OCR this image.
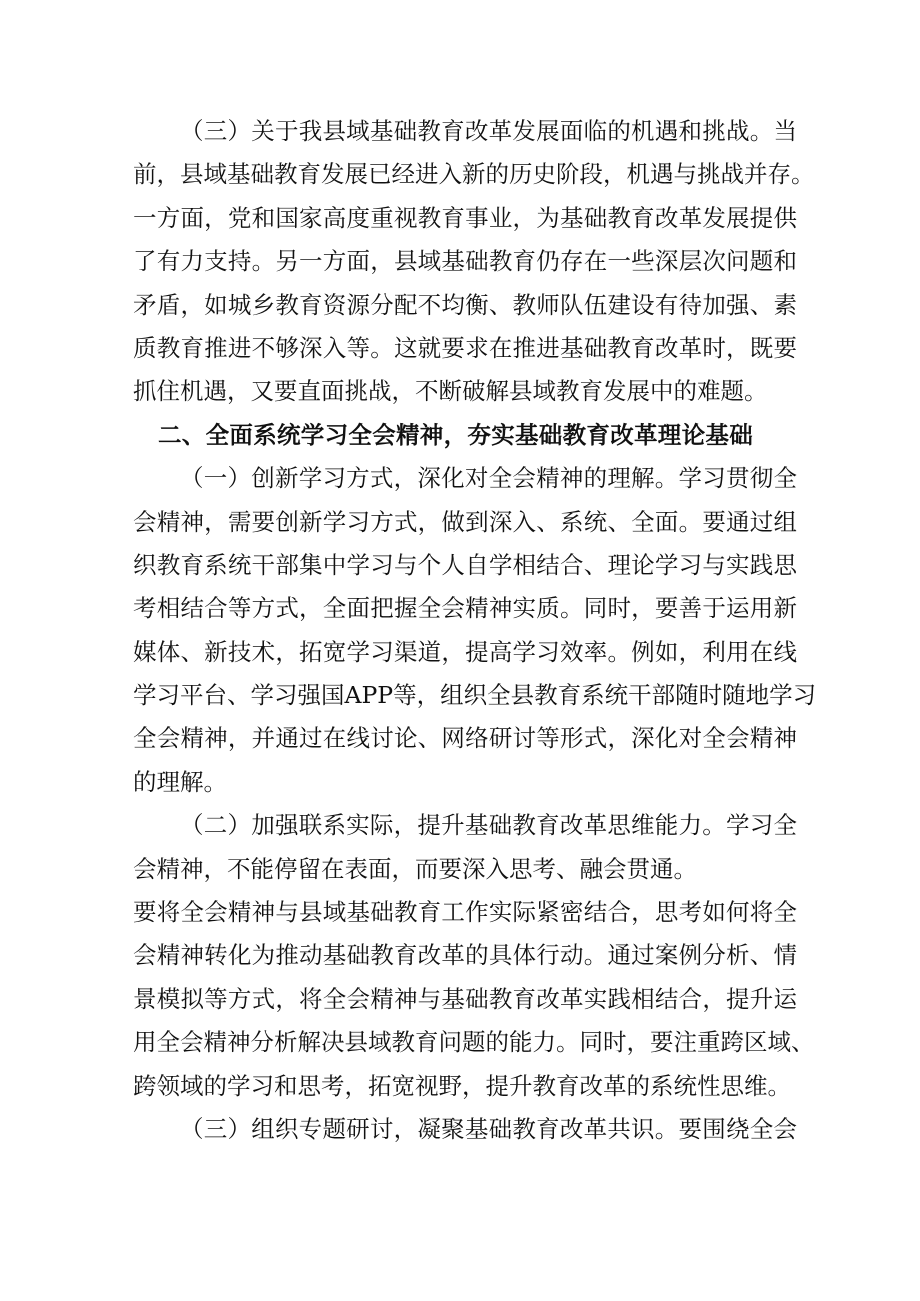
（三）关于我县域基础教育改革发展面临的机遇和挑战。当
前，县域基础教育发展已经进入新的历史阶段，机遇与挑战并存。
一方面，党和国家高度重视教育事业，为基础教育改革发展提供
了有力支持。另一方面，县域基础教育仍存在一些深层次问题和
矛盾，如城乡教育资源分配不均衡、教师队伍建设有待加强、素
质教育推进不够深入等。这就要求在推进基础教育改革时，既要
抓住机遇，又要直面挑战，不断破解县域教育发展中的难题。
二、全面系统学习全会精神，夯实基础教育改革理论基础
（一）创新学习方式，深化对全会精神的理解。学习贯彻全
会精神，需要创新学习方式，做到深入、系统、全面。要通过组
织教育系统干部集中学习与个人自学相结合、理论学习与实践思
考相结合等方式，全面把握全会精神实质。同时，要善于运用新
媒体、新技术，拓宽学习渠道，提高学习效率。例如，利用在线
学习平台、学习强国APP等，组织全县教育系统干部随时随地学习
全会精神，并通过在线讨论、网络研讨等形式，深化对全会精神
的理解。
（二）加强联系实际，提升基础教育改革思维能力。学习全
会精神，不能停留在表面，而要深入思考、融会贯通。
要将全会精神与县域基础教育工作实际紧密结合，思考如何将全
会精神转化为推动基础教育改革的具体行动。通过案例分析、情
景模拟等方式，将全会精神与基础教育改革实践相结合，提升运
用全会精神分析解决县域教育问题的能力。同时，要注重跨区域、
跨领域的学习和思考，拓宽视野，提升教育改革的系统性思维。
（三）组织专题研讨，凝聚基础教育改革共识。要围绕全会
